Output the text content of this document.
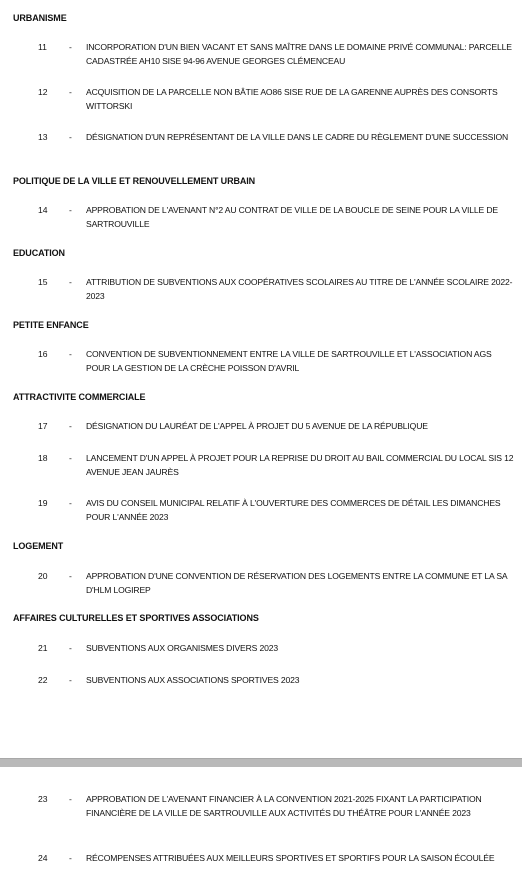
URBANISME
11	- INCORPORATION D'UN BIEN VACANT ET SANS MAÎTRE DANS LE DOMAINE PRIVÉ COMMUNAL: PARCELLE CADASTRÉE AH10 SISE 94-96 AVENUE GEORGES CLÉMENCEAU
12 - ACQUISITION DE LA PARCELLE NON BÂTIE AO86 SISE RUE DE LA GARENNE AUPRÈS DES CONSORTS WITTORSKI
13 - DÉSIGNATION D'UN REPRÉSENTANT DE LA VILLE DANS LE CADRE DU RÈGLEMENT D'UNE SUCCESSION
POLITIQUE DE LA VILLE ET RENOUVELLEMENT URBAIN
14 - APPROBATION DE L'AVENANT N°2 AU CONTRAT DE VILLE DE LA BOUCLE DE SEINE POUR LA VILLE DE SARTROUVILLE
EDUCATION
15 - ATTRIBUTION DE SUBVENTIONS AUX COOPÉRATIVES SCOLAIRES AU TITRE DE L'ANNÉE SCOLAIRE 2022-2023
PETITE ENFANCE
16 - CONVENTION DE SUBVENTIONNEMENT ENTRE LA VILLE DE SARTROUVILLE ET L'ASSOCIATION AGS POUR LA GESTION DE LA CRÈCHE POISSON D'AVRIL
ATTRACTIVITE COMMERCIALE
17 - DÉSIGNATION DU LAURÉAT DE L'APPEL À PROJET DU 5 AVENUE DE LA RÉPUBLIQUE
18 - LANCEMENT D'UN APPEL À PROJET POUR LA REPRISE DU DROIT AU BAIL COMMERCIAL DU LOCAL SIS 12 AVENUE JEAN JAURÈS
19 - AVIS DU CONSEIL MUNICIPAL RELATIF À L'OUVERTURE DES COMMERCES DE DÉTAIL LES DIMANCHES POUR L'ANNÉE 2023
LOGEMENT
20 - APPROBATION D'UNE CONVENTION DE RÉSERVATION DES LOGEMENTS ENTRE LA COMMUNE ET LA SA D'HLM LOGIREP
AFFAIRES CULTURELLES ET SPORTIVES ASSOCIATIONS
21 - SUBVENTIONS AUX ORGANISMES DIVERS 2023
22 - SUBVENTIONS AUX ASSOCIATIONS SPORTIVES 2023
23 - APPROBATION DE L'AVENANT FINANCIER À LA CONVENTION 2021-2025 FIXANT LA PARTICIPATION FINANCIÈRE DE LA VILLE DE SARTROUVILLE AUX ACTIVITÉS DU THÉÂTRE POUR L'ANNÉE 2023
24 - RÉCOMPENSES ATTRIBUÉES AUX MEILLEURS SPORTIVES ET SPORTIFS POUR LA SAISON ÉCOULÉE
